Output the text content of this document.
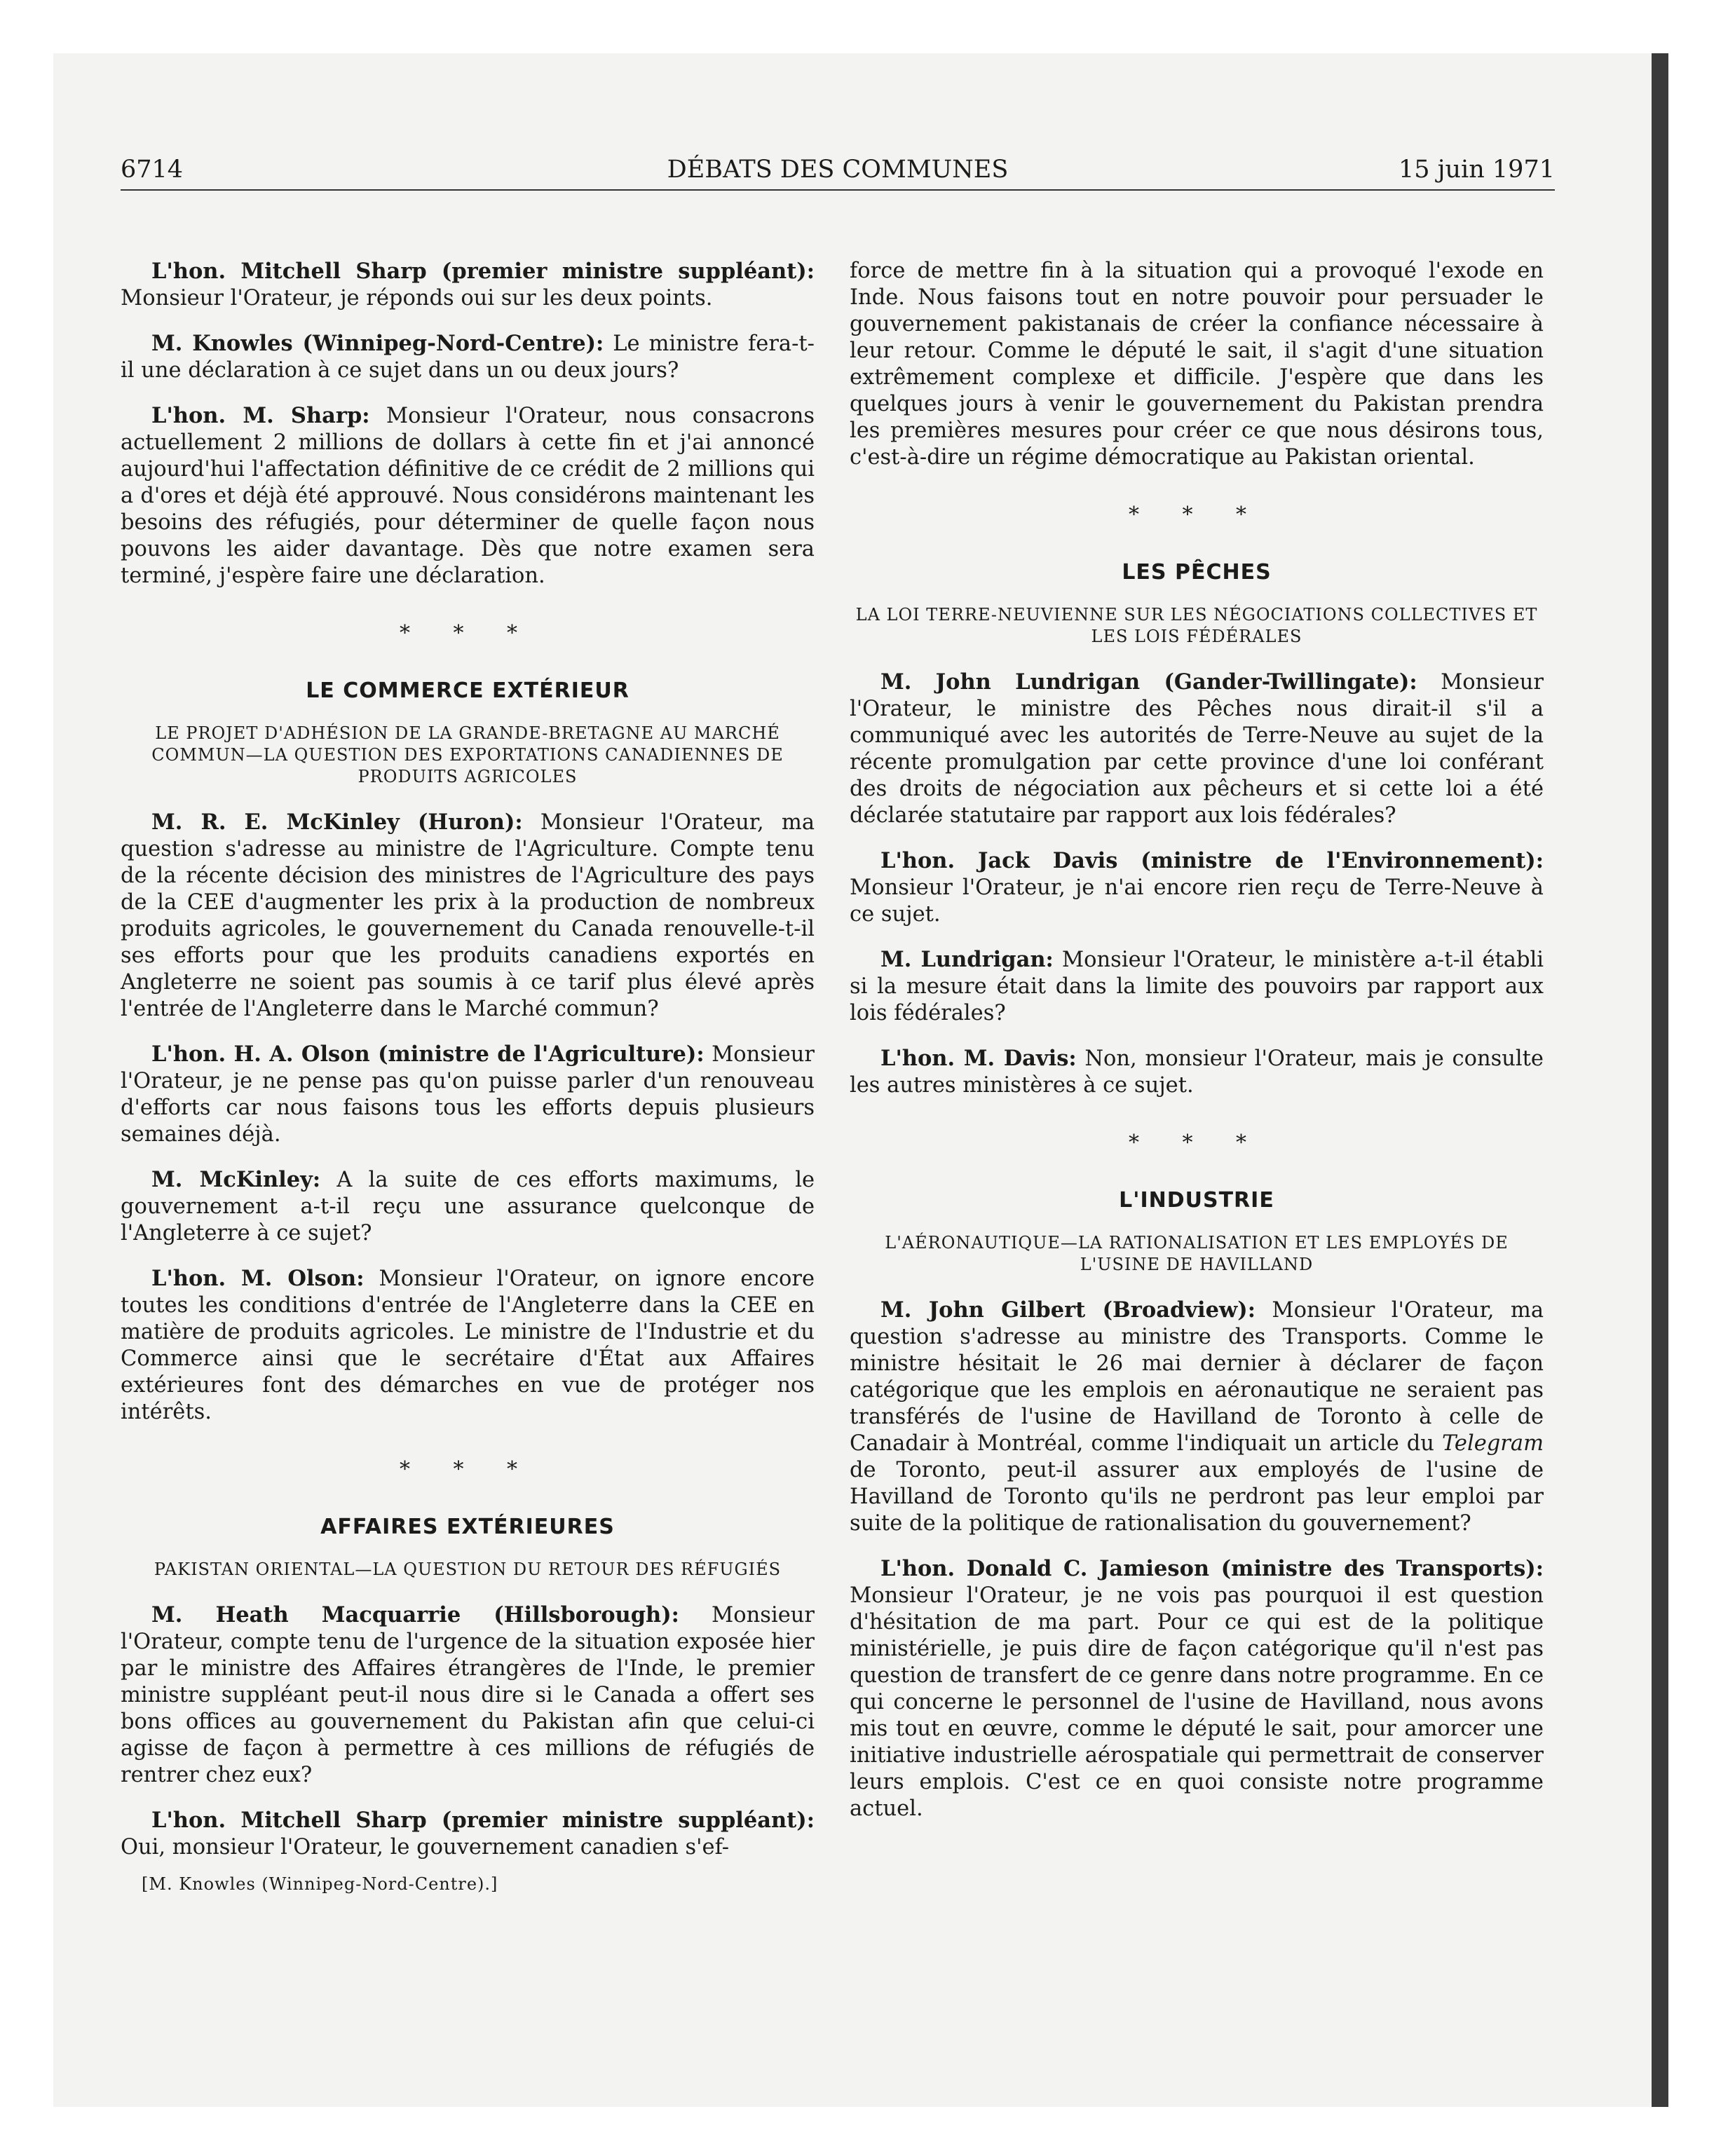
6714	DÉBATS DES COMMUNES	15 juin 1971

L'hon. Mitchell Sharp (premier ministre suppléant): Monsieur l'Orateur, je réponds oui sur les deux points.

M. Knowles (Winnipeg-Nord-Centre): Le ministre fera-t-il une déclaration à ce sujet dans un ou deux jours?

L'hon. M. Sharp: Monsieur l'Orateur, nous consacrons actuellement 2 millions de dollars à cette fin et j'ai annoncé aujourd'hui l'affectation définitive de ce crédit de 2 millions qui a d'ores et déjà été approuvé. Nous considérons maintenant les besoins des réfugiés, pour déterminer de quelle façon nous pouvons les aider davantage. Dès que notre examen sera terminé, j'espère faire une déclaration.

* * *
LE COMMERCE EXTÉRIEUR
LE PROJET D'ADHÉSION DE LA GRANDE-BRETAGNE AU MARCHÉ COMMUN—LA QUESTION DES EXPORTATIONS CANADIENNES DE PRODUITS AGRICOLES

M. R. E. McKinley (Huron): Monsieur l'Orateur, ma question s'adresse au ministre de l'Agriculture. Compte tenu de la récente décision des ministres de l'Agriculture des pays de la CEE d'augmenter les prix à la production de nombreux produits agricoles, le gouvernement du Canada renouvelle-t-il ses efforts pour que les produits canadiens exportés en Angleterre ne soient pas soumis à ce tarif plus élevé après l'entrée de l'Angleterre dans le Marché commun?

L'hon. H. A. Olson (ministre de l'Agriculture): Monsieur l'Orateur, je ne pense pas qu'on puisse parler d'un renouveau d'efforts car nous faisons tous les efforts depuis plusieurs semaines déjà.

M. McKinley: A la suite de ces efforts maximums, le gouvernement a-t-il reçu une assurance quelconque de l'Angleterre à ce sujet?

L'hon. M. Olson: Monsieur l'Orateur, on ignore encore toutes les conditions d'entrée de l'Angleterre dans la CEE en matière de produits agricoles. Le ministre de l'Industrie et du Commerce ainsi que le secrétaire d'État aux Affaires extérieures font des démarches en vue de protéger nos intérêts.

* * *
AFFAIRES EXTÉRIEURES
PAKISTAN ORIENTAL—LA QUESTION DU RETOUR DES RÉFUGIÉS

M. Heath Macquarrie (Hillsborough): Monsieur l'Orateur, compte tenu de l'urgence de la situation exposée hier par le ministre des Affaires étrangères de l'Inde, le premier ministre suppléant peut-il nous dire si le Canada a offert ses bons offices au gouvernement du Pakistan afin que celui-ci agisse de façon à permettre à ces millions de réfugiés de rentrer chez eux?

L'hon. Mitchell Sharp (premier ministre suppléant): Oui, monsieur l'Orateur, le gouvernement canadien s'ef-

[M. Knowles (Winnipeg-Nord-Centre).]

force de mettre fin à la situation qui a provoqué l'exode en Inde. Nous faisons tout en notre pouvoir pour persuader le gouvernement pakistanais de créer la confiance nécessaire à leur retour. Comme le député le sait, il s'agit d'une situation extrêmement complexe et difficile. J'espère que dans les quelques jours à venir le gouvernement du Pakistan prendra les premières mesures pour créer ce que nous désirons tous, c'est-à-dire un régime démocratique au Pakistan oriental.

* * *
LES PÊCHES
LA LOI TERRE-NEUVIENNE SUR LES NÉGOCIATIONS COLLECTIVES ET LES LOIS FÉDÉRALES

M. John Lundrigan (Gander-Twillingate): Monsieur l'Orateur, le ministre des Pêches nous dirait-il s'il a communiqué avec les autorités de Terre-Neuve au sujet de la récente promulgation par cette province d'une loi conférant des droits de négociation aux pêcheurs et si cette loi a été déclarée statutaire par rapport aux lois fédérales?

L'hon. Jack Davis (ministre de l'Environnement): Monsieur l'Orateur, je n'ai encore rien reçu de Terre-Neuve à ce sujet.

M. Lundrigan: Monsieur l'Orateur, le ministère a-t-il établi si la mesure était dans la limite des pouvoirs par rapport aux lois fédérales?

L'hon. M. Davis: Non, monsieur l'Orateur, mais je consulte les autres ministères à ce sujet.

* * *
L'INDUSTRIE
L'AÉRONAUTIQUE—LA RATIONALISATION ET LES EMPLOYÉS DE L'USINE DE HAVILLAND

M. John Gilbert (Broadview): Monsieur l'Orateur, ma question s'adresse au ministre des Transports. Comme le ministre hésitait le 26 mai dernier à déclarer de façon catégorique que les emplois en aéronautique ne seraient pas transférés de l'usine de Havilland de Toronto à celle de Canadair à Montréal, comme l'indiquait un article du Telegram de Toronto, peut-il assurer aux employés de l'usine de Havilland de Toronto qu'ils ne perdront pas leur emploi par suite de la politique de rationalisation du gouvernement?

L'hon. Donald C. Jamieson (ministre des Transports): Monsieur l'Orateur, je ne vois pas pourquoi il est question d'hésitation de ma part. Pour ce qui est de la politique ministérielle, je puis dire de façon catégorique qu'il n'est pas question de transfert de ce genre dans notre programme. En ce qui concerne le personnel de l'usine de Havilland, nous avons mis tout en œuvre, comme le député le sait, pour amorcer une initiative industrielle aérospatiale qui permettrait de conserver leurs emplois. C'est ce en quoi consiste notre programme actuel.
